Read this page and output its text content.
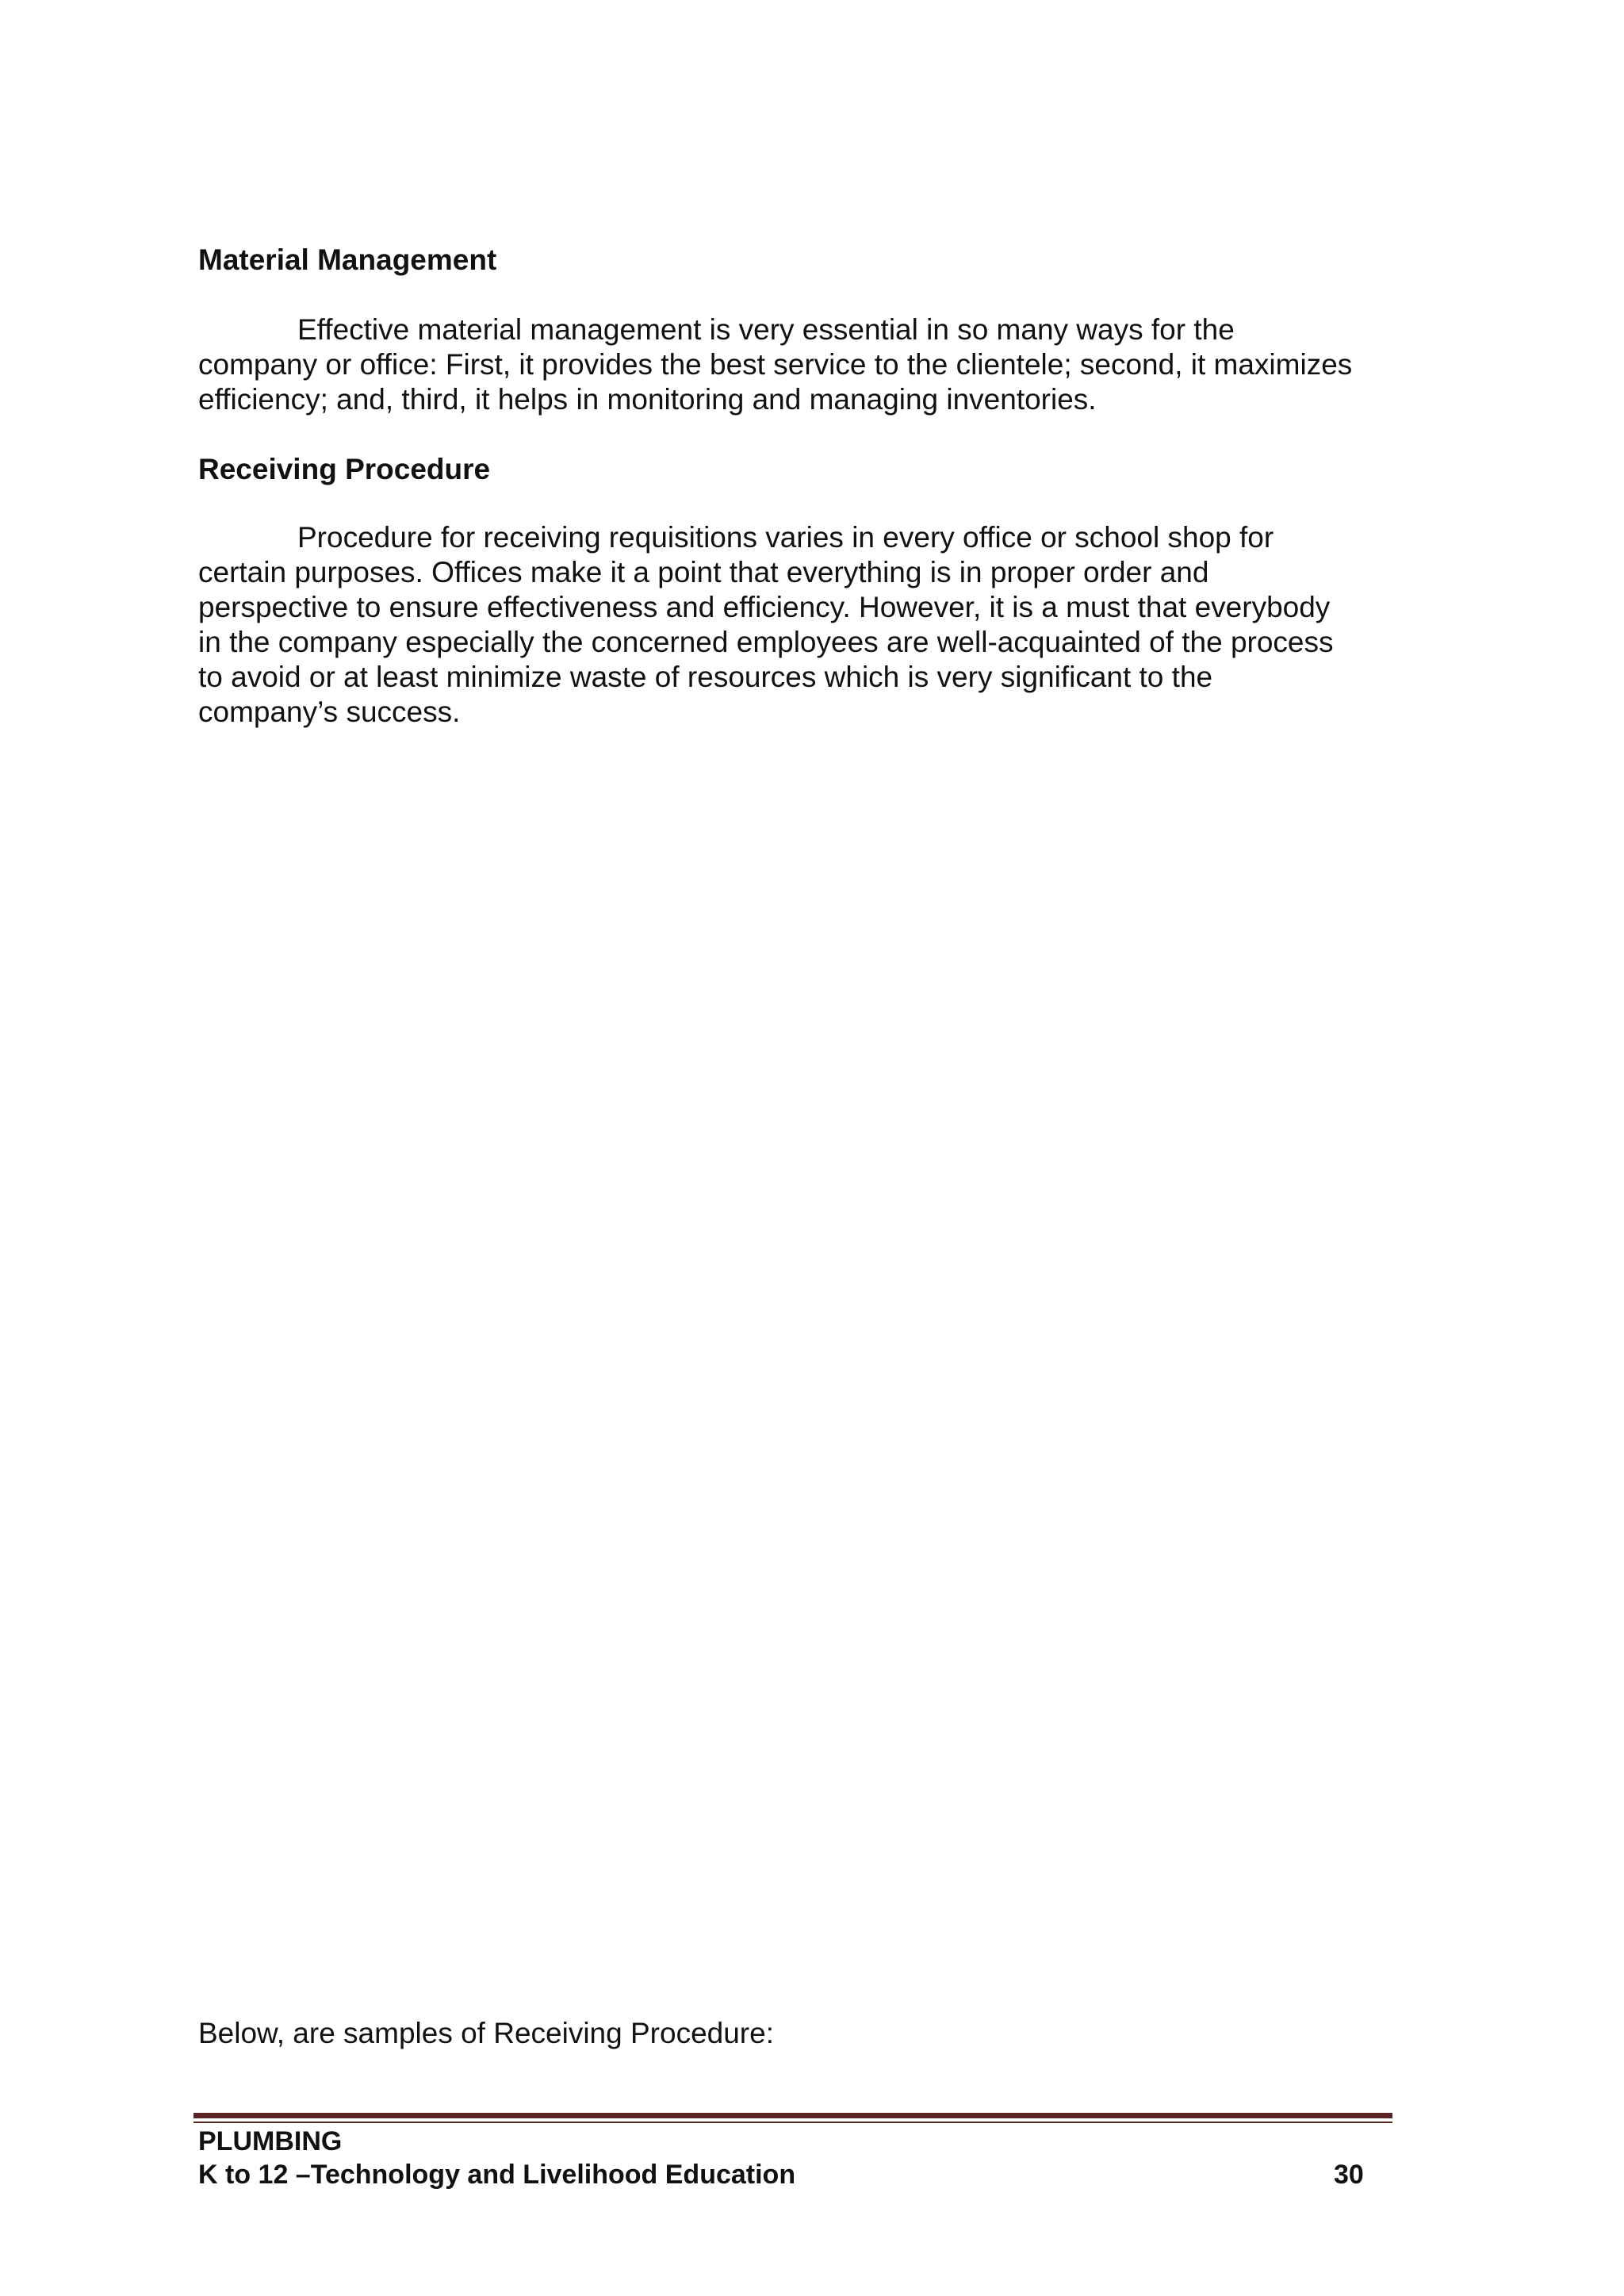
Material Management

Effective material management is very essential in so many ways for the
company or office: First, it provides the best service to the clientele; second, it maximizes
efficiency; and, third, it helps in monitoring and managing inventories.

Receiving Procedure

Procedure for receiving requisitions varies in every office or school shop for
certain purposes. Offices make it a point that everything is in proper order and
perspective to ensure effectiveness and efficiency. However, it is a must that everybody
in the company especially the concerned employees are well-acquainted of the process
to avoid or at least minimize waste of resources which is very significant to the
company’s success.

Below, are samples of Receiving Procedure:

PLUMBING
K to 12 –Technology and Livelihood Education	30
